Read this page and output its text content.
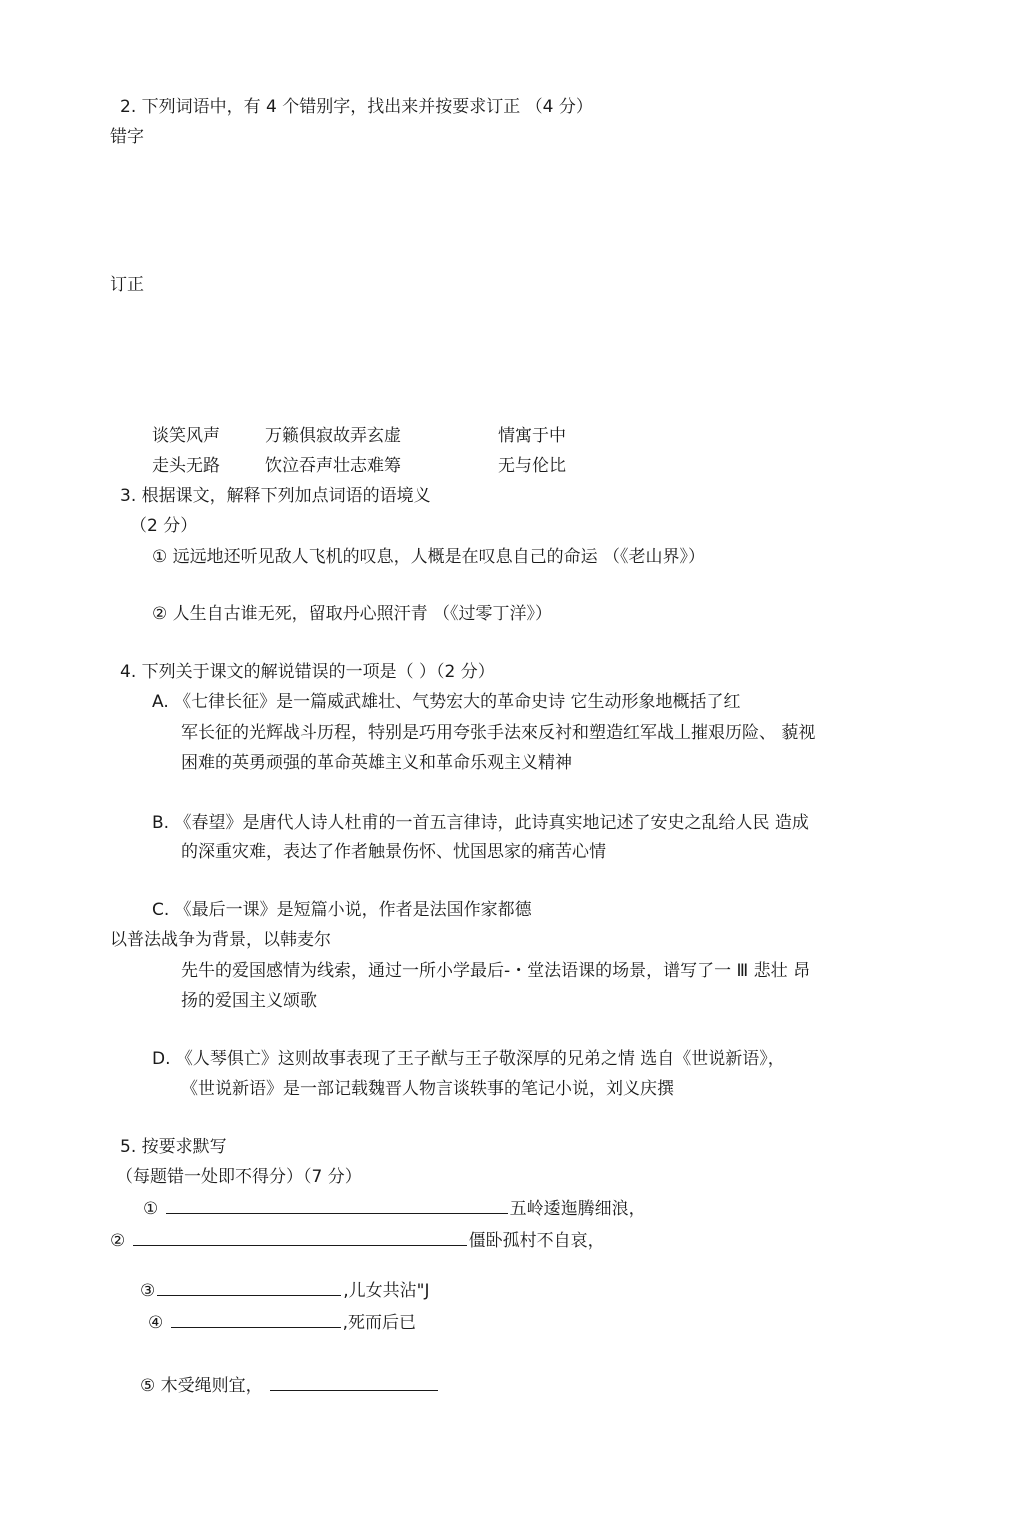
2. 下列词语中，有 4 个错别字，找出来并按要求订正 （4 分）
错字
订正
谈笑风声	万籁俱寂故弄玄虚	情寓于中
走头无路	饮泣吞声壮志难筹	无与伦比
3. 根据课文，解释下列加点词语的语境义
（2 分）
① 远远地还听见敌人飞机的叹息，人概是在叹息自己的命运 （《老山界》）
② 人生自古谁无死，留取丹心照汗青 （《过零丁洋》）
4. 下列关于课文的解说错误的一项是（ ）（2 分）
A. 《七律长征》是一篇威武雄壮、气势宏大的革命史诗 它生动形象地概括了红
军长征的光辉战斗历程，特别是巧用夸张手法來反衬和塑造红军战丄摧艰历险、 藐视
困难的英勇顽强的革命英雄主义和革命乐观主义精神
B. 《春望》是唐代人诗人杜甫的一首五言律诗，此诗真实地记述了安史之乱给人民 造成
的深重灾难，表达了作者触景伤怀、忧国思家的痛苦心情
C. 《最后一课》是短篇小说，作者是法国作家都德
以普法战争为背景，以韩麦尔
先牛的爱国感情为线索，通过一所小学最后-・堂法语课的场景，谱写了一 Ⅲ 悲壮 昂
扬的爱国主义颂歌
D. 《人琴俱亡》这则故事表现了王子猷与王子敬深厚的兄弟之情 选自《世说新语》，
《世说新语》是一部记载魏晋人物言谈轶事的笔记小说，刘义庆撰
5. 按要求默写
（每题错一处即不得分）（7 分）
①	五岭逶迤腾细浪，
②	僵卧孤村不自哀，
③	,儿女共沾"J
④	,死而后已
⑤ 木受绳则宜，
